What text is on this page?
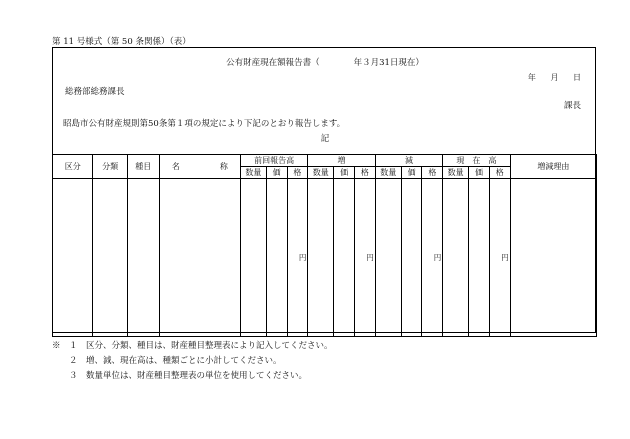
第 11 号様式（第 50 条関係）（表）
公有財産現在額報告書（　　　　年３月31日現在）
年 月 日
総務部総務課長
課長
昭島市公有財産規則第50条第１項の規定により下記のとおり報告します。
記
区分	分類	種目	名　　　　　称	前回報告高			増			減			現　在　高			増減理由
				数量	価	格	数量	価	格	数量	価	格	数量	価	格	
						円			円			円			円	
※　１　区分、分類、種目は、財産種目整理表により記入してください。
　　２　増、減、現在高は、種類ごとに小計してください。
　　３　数量単位は、財産種目整理表の単位を使用してください。
